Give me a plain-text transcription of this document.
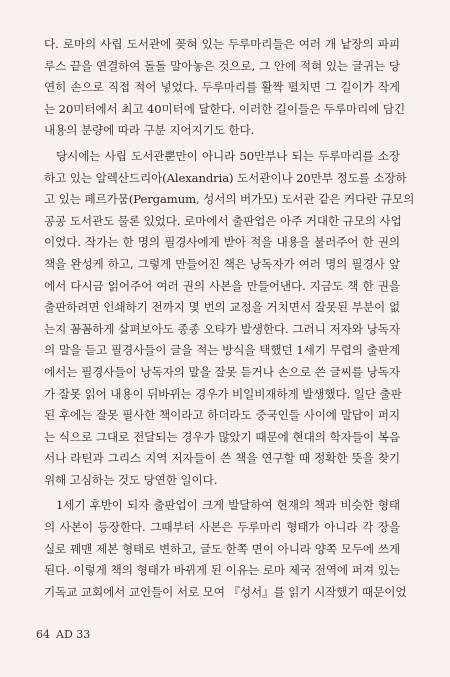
다. 로마의 사립 도서관에 꽂혀 있는 두루마리들은 여러 개 낱장의 파피
루스 끝을 연결하여 돌돌 말아놓은 것으로, 그 안에 적혀 있는 글귀는 당
연히 손으로 직접 적어 넣었다. 두루마리를 활짝 펼치면 그 길이가 작게
는 20미터에서 최고 40미터에 달한다. 이러한 길이들은 두루마리에 담긴
내용의 분량에 따라 구분 지어지기도 한다.
당시에는 사립 도서관뿐만이 아니라 50만부나 되는 두루마리를 소장
하고 있는 알렉산드리아(Alexandria) 도서관이나 20만부 정도를 소장하
고 있는 페르가뭄(Pergamum, 성서의 버가모) 도서관 같은 커다란 규모의
공공 도서관도 물론 있었다. 로마에서 출판업은 아주 거대한 규모의 사업
이었다. 작가는 한 명의 필경사에게 받아 적을 내용을 불러주어 한 권의
책을 완성케 하고, 그렇게 만들어진 책은 낭독자가 여러 명의 필경사 앞
에서 다시금 읽어주어 여러 권의 사본을 만들어낸다. 지금도 책 한 권을
출판하려면 인쇄하기 전까지 몇 번의 교정을 거치면서 잘못된 부분이 없
는지 꼼꼼하게 살펴보아도 종종 오타가 발생한다. 그러니 저자와 낭독자
의 말을 듣고 필경사들이 글을 적는 방식을 택했던 1세기 무렵의 출판계
에서는 필경사들이 낭독자의 말을 잘못 듣거나 손으로 쓴 글씨를 낭독자
가 잘못 읽어 내용이 뒤바뀌는 경우가 비일비재하게 발생했다. 일단 출판
된 후에는 잘못 필사한 책이라고 하더라도 중국인들 사이에 말답이 퍼지
는 식으로 그대로 전달되는 경우가 많았기 때문에 현대의 학자들이 복음
서나 라틴과 그리스 지역 저자들이 쓴 책을 연구할 때 정확한 뜻을 찾기
위해 고심하는 것도 당연한 일이다.
1세기 후반이 되자 출판업이 크게 발달하여 현재의 책과 비슷한 형태
의 사본이 등장한다. 그때부터 사본은 두루마리 형태가 아니라 각 장을
실로 꿰맨 제본 형태로 변하고, 글도 한쪽 면이 아니라 양쪽 모두에 쓰게
된다. 이렇게 책의 형태가 바뀌게 된 이유는 로마 제국 전역에 퍼져 있는
기독교 교회에서 교인들이 서로 모여 『성서』를 읽기 시작했기 때문이었
64 AD 33
